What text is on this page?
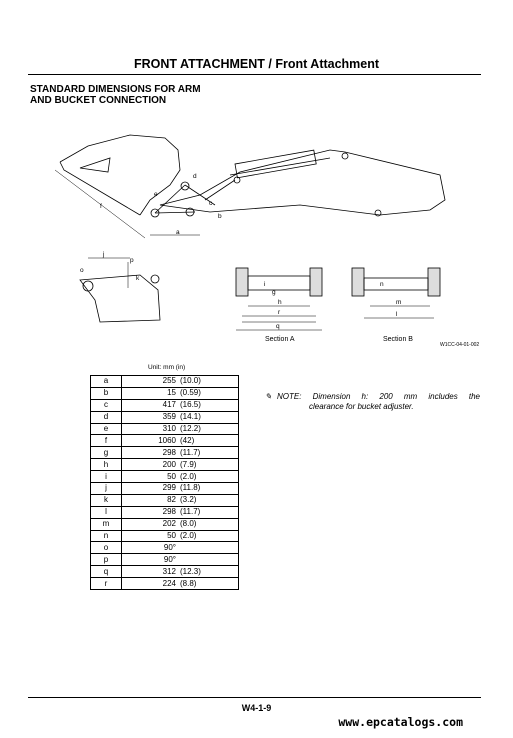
FRONT ATTACHMENT / Front Attachment
STANDARD DIMENSIONS FOR ARM
AND BUCKET CONNECTION
a
b
c
d
e
f
g
h
i
j
k
m
n
o
p
l
q
r
Section A	Section B
W1CC-04-01-002
Unit: mm (in)
a	255 (10.0)
b	15 (0.59)
c	417 (16.5)
d	359 (14.1)
e	310 (12.2)
f	1060 (42)
g	298 (11.7)
h	200 (7.9)
i	50 (2.0)
j	299 (11.8)
k	82 (3.2)
l	298 (11.7)
m	202 (8.0)
n	50 (2.0)
o	90°
p	90°
q	312 (12.3)
r	224 (8.8)
✎ NOTE: Dimension h: 200 mm includes the
clearance for bucket adjuster.
W4-1-9
www.epcatalogs.com
